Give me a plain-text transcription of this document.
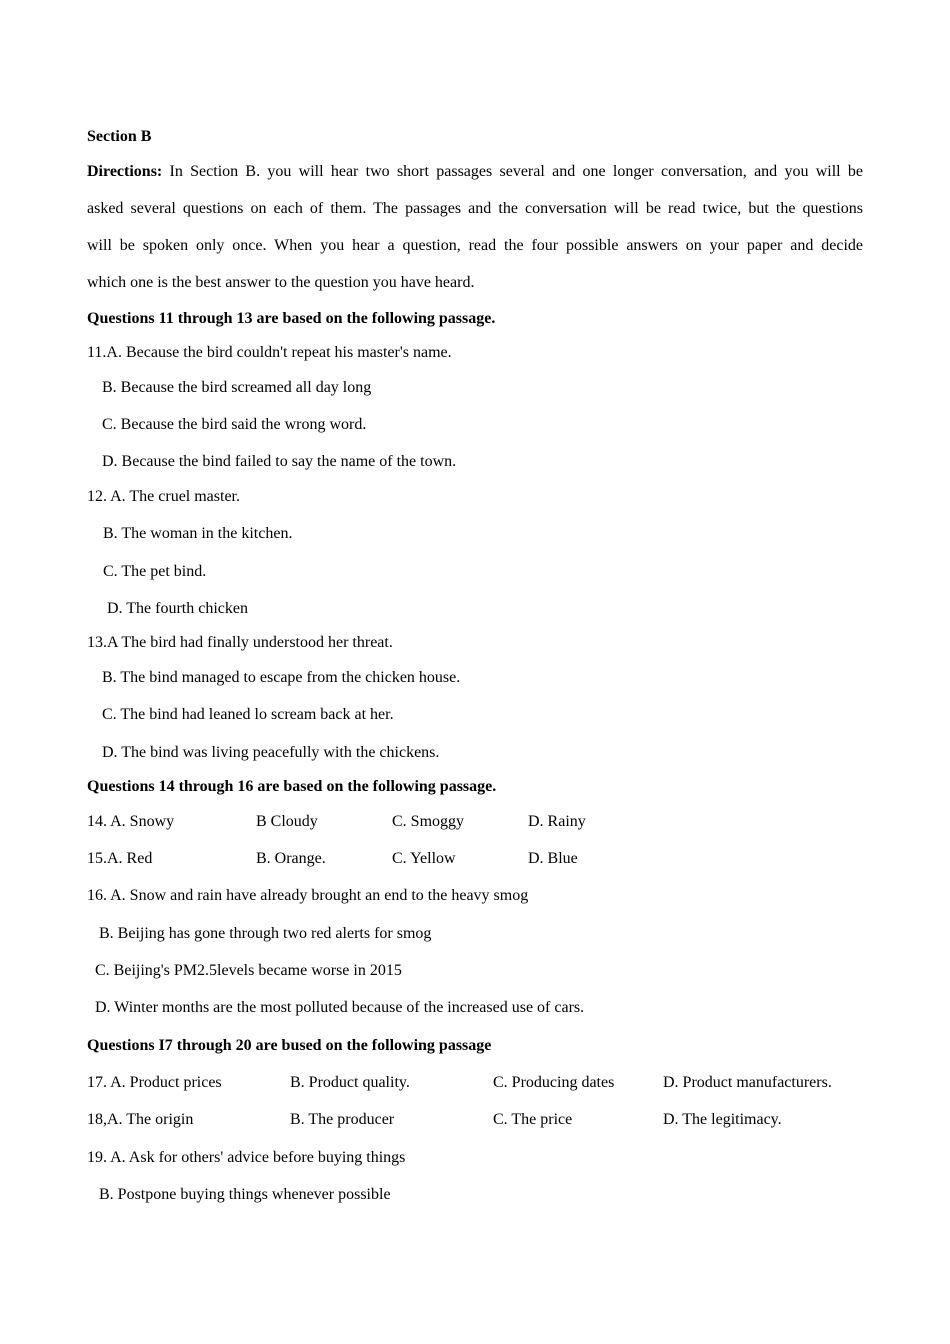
Section B
Directions: In Section B. you will hear two short passages several and one longer conversation, and you will be
asked several questions on each of them. The passages and the conversation will be read twice, but the questions
will be spoken only once. When you hear a question, read the four possible answers on your paper and decide
which one is the best answer to the question you have heard.
Questions 11 through 13 are based on the following passage.
11.A. Because the bird couldn't repeat his master's name.
B. Because the bird screamed all day long
C. Because the bird said the wrong word.
D. Because the bind failed to say the name of the town.
12. A. The cruel master.
B. The woman in the kitchen.
C. The pet bind.
D. The fourth chicken
13.A The bird had finally understood her threat.
B. The bind managed to escape from the chicken house.
C. The bind had leaned lo scream back at her.
D. The bind was living peacefully with the chickens.
Questions 14 through 16 are based on the following passage.
14. A. Snowy	B Cloudy	C. Smoggy	D. Rainy
15.A. Red	B. Orange.	C. Yellow	D. Blue
16. A. Snow and rain have already brought an end to the heavy smog
B. Beijing has gone through two red alerts for smog
C. Beijing's PM2.5levels became worse in 2015
D. Winter months are the most polluted because of the increased use of cars.
Questions I7 through 20 are bused on the following passage
17. A. Product prices	B. Product quality.	C. Producing dates	D. Product manufacturers.
18,A. The origin	B. The producer	C. The price	D. The legitimacy.
19. A. Ask for others' advice before buying things
B. Postpone buying things whenever possible
